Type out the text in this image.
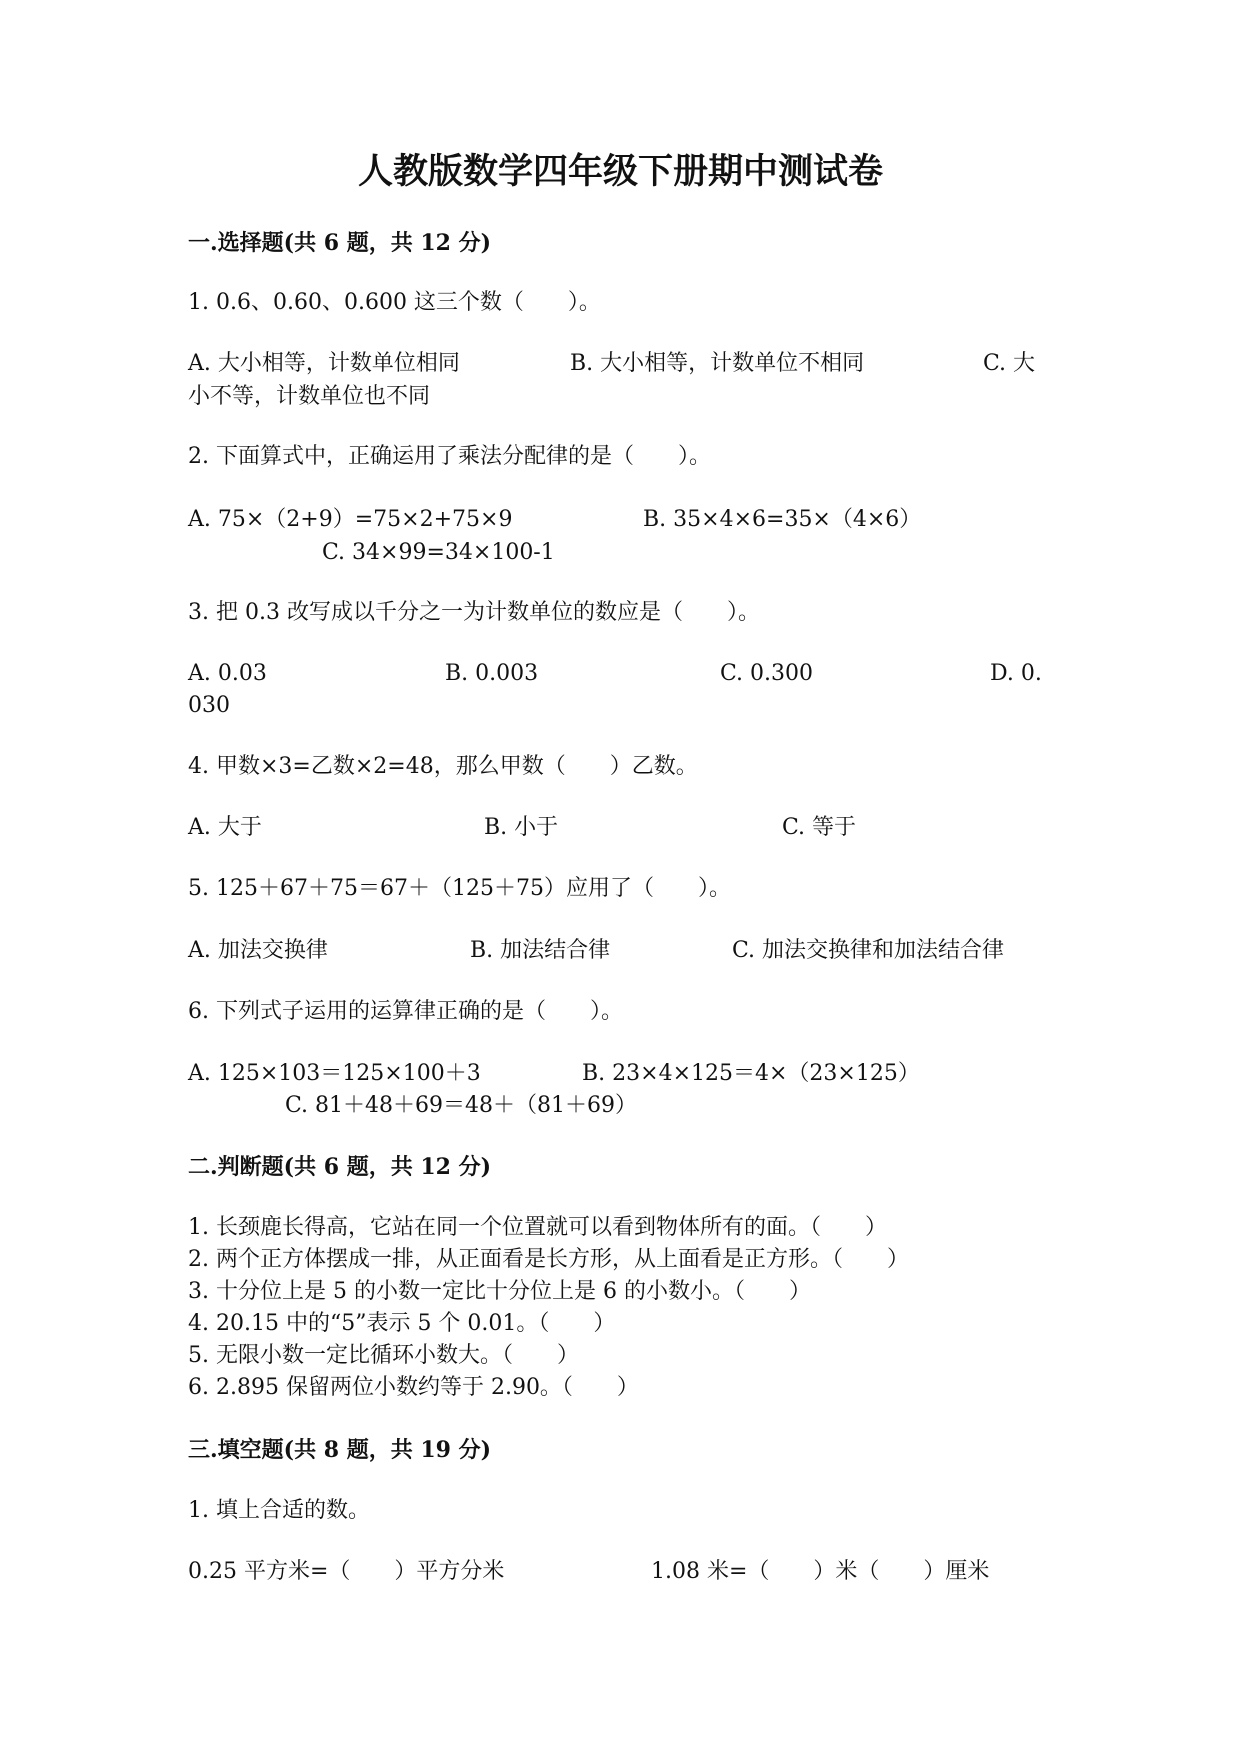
人教版数学四年级下册期中测试卷
一.选择题(共 6 题，共 12 分)
1. 0.6、0.60、0.600 这三个数（　　）。
A. 大小相等，计数单位相同	B. 大小相等，计数单位不相同	C. 大
小不等，计数单位也不同
2. 下面算式中，正确运用了乘法分配律的是（　　）。
A. 75×（2+9）=75×2+75×9	B. 35×4×6=35×（4×6）
C. 34×99=34×100-1
3. 把 0.3 改写成以千分之一为计数单位的数应是（　　）。
A. 0.03	B. 0.003	C. 0.300	D. 0.
030
4. 甲数×3=乙数×2=48，那么甲数（　　）乙数。
A. 大于	B. 小于	C. 等于
5. 125＋67＋75＝67＋（125＋75）应用了（　　）。
A. 加法交换律	B. 加法结合律	C. 加法交换律和加法结合律
6. 下列式子运用的运算律正确的是（　　）。
A. 125×103＝125×100＋3	B. 23×4×125＝4×（23×125）
C. 81＋48＋69＝48＋（81＋69）
二.判断题(共 6 题，共 12 分)
1. 长颈鹿长得高，它站在同一个位置就可以看到物体所有的面。（　　）
2. 两个正方体摆成一排，从正面看是长方形，从上面看是正方形。（　　）
3. 十分位上是 5 的小数一定比十分位上是 6 的小数小。（　　）
4. 20.15 中的“5”表示 5 个 0.01。（　　）
5. 无限小数一定比循环小数大。（　　）
6. 2.895 保留两位小数约等于 2.90。（　　）
三.填空题(共 8 题，共 19 分)
1. 填上合适的数。
0.25 平方米=（　　）平方分米	1.08 米=（　　）米（　　）厘米
